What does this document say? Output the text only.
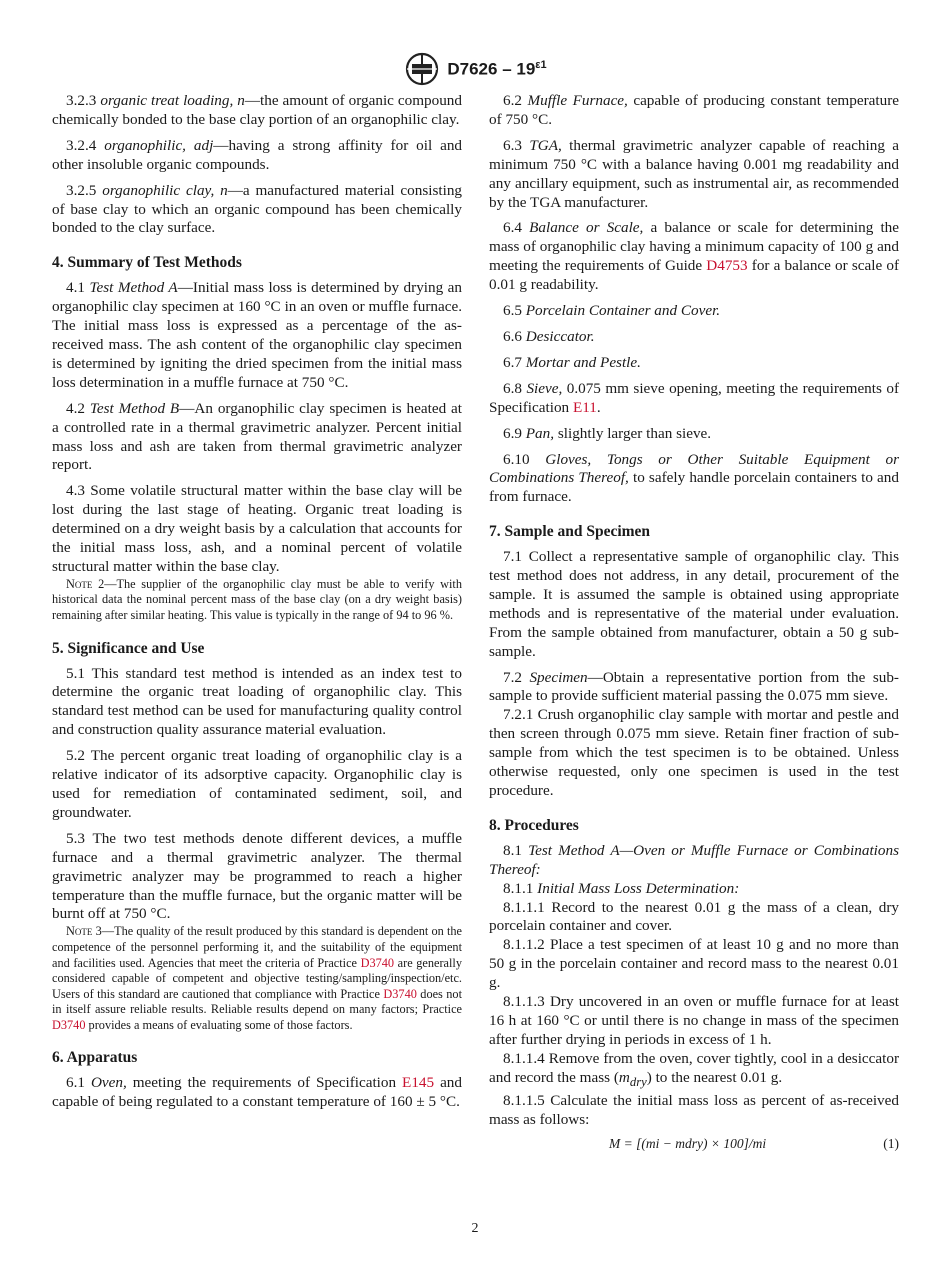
$D7626 - 19^{\varepsilon 1}$

3.2.3 organic treat loading, n—the amount of organic compound chemically bonded to the base clay portion of an organophilic clay.

3.2.4 organophilic, adj—having a strong affinity for oil and other insoluble organic compounds.

3.2.5 organophilic clay, n—a manufactured material consisting of base clay to which an organic compound has been chemically bonded to the clay surface.

4. Summary of Test Methods

4.1 Test Method A—Initial mass loss is determined by drying an organophilic clay specimen at 160 °C in an oven or muffle furnace. The initial mass loss is expressed as a percentage of the as-received mass. The ash content of the organophilic clay specimen is determined by igniting the dried specimen from the initial mass loss determination in a muffle furnace at 750 °C.

4.2 Test Method B—An organophilic clay specimen is heated at a controlled rate in a thermal gravimetric analyzer. Percent initial mass loss and ash are taken from thermal gravimetric analyzer report.

4.3 Some volatile structural matter within the base clay will be lost during the last stage of heating. Organic treat loading is determined on a dry weight basis by a calculation that accounts for the initial mass loss, ash, and a nominal percent of volatile structural matter within the base clay.

Note 2—The supplier of the organophilic clay must be able to verify with historical data the nominal percent mass of the base clay (on a dry weight basis) remaining after similar heating. This value is typically in the range of 94 to 96 %.
5. Significance and Use

5.1 This standard test method is intended as an index test to determine the organic treat loading of organophilic clay. This standard test method can be used for manufacturing quality control and construction quality assurance material evaluation.

5.2 The percent organic treat loading of organophilic clay is a relative indicator of its adsorptive capacity. Organophilic clay is used for remediation of contaminated sediment, soil, and groundwater.

5.3 The two test methods denote different devices, a muffle furnace and a thermal gravimetric analyzer. The thermal gravimetric analyzer may be programmed to reach a higher temperature than the muffle furnace, but the organic matter will be burnt off at 750 °C.

Note 3—The quality of the result produced by this standard is dependent on the competence of the personnel performing it, and the suitability of the equipment and facilities used. Agencies that meet the criteria of Practice D3740 are generally considered capable of competent and objective testing/sampling/inspection/etc. Users of this standard are cautioned that compliance with Practice D3740 does not in itself assure reliable results. Reliable results depend on many factors; Practice D3740 provides a means of evaluating some of those factors.
6. Apparatus

6.1 Oven, meeting the requirements of Specification E145 and capable of being regulated to a constant temperature of 160 ± 5 °C.

6.2 Muffle Furnace, capable of producing constant temperature of 750 °C.

6.3 TGA, thermal gravimetric analyzer capable of reaching a minimum 750 °C with a balance having 0.001 mg readability and any ancillary equipment, such as instrumental air, as recommended by the TGA manufacturer.

6.4 Balance or Scale, a balance or scale for determining the mass of organophilic clay having a minimum capacity of 100 g and meeting the requirements of Guide D4753 for a balance or scale of 0.01 g readability.

6.5 Porcelain Container and Cover.

6.6 Desiccator.

6.7 Mortar and Pestle.

6.8 Sieve, 0.075 mm sieve opening, meeting the requirements of Specification E11.

6.9 Pan, slightly larger than sieve.

6.10 Gloves, Tongs or Other Suitable Equipment or Combinations Thereof, to safely handle porcelain containers to and from furnace.

7. Sample and Specimen

7.1 Collect a representative sample of organophilic clay. This test method does not address, in any detail, procurement of the sample. It is assumed the sample is obtained using appropriate methods and is representative of the material under evaluation. From the sample obtained from manufacturer, obtain a 50 g sub-sample.

7.2 Specimen—Obtain a representative portion from the sub-sample to provide sufficient material passing the 0.075 mm sieve.

7.2.1 Crush organophilic clay sample with mortar and pestle and then screen through 0.075 mm sieve. Retain finer fraction of sub-sample from which the test specimen is to be obtained. Unless otherwise requested, only one specimen is used in the test procedure.

8. Procedures

8.1 Test Method A—Oven or Muffle Furnace or Combinations Thereof:

8.1.1 Initial Mass Loss Determination:

8.1.1.1 Record to the nearest 0.01 g the mass of a clean, dry porcelain container and cover.

8.1.1.2 Place a test specimen of at least 10 g and no more than 50 g in the porcelain container and record mass to the nearest 0.01 g.

8.1.1.3 Dry uncovered in an oven or muffle furnace for at least 16 h at 160 °C or until there is no change in mass of the specimen after further drying in periods in excess of 1 h.

8.1.1.4 Remove from the oven, cover tightly, cool in a desiccator and record the mass $(m_{dry})$ to the nearest 0.01 g.

8.1.1.5 Calculate the initial mass loss as percent of as-received mass as follows:

M = [(mi − mdry) × 100]/mi	(1)
2
